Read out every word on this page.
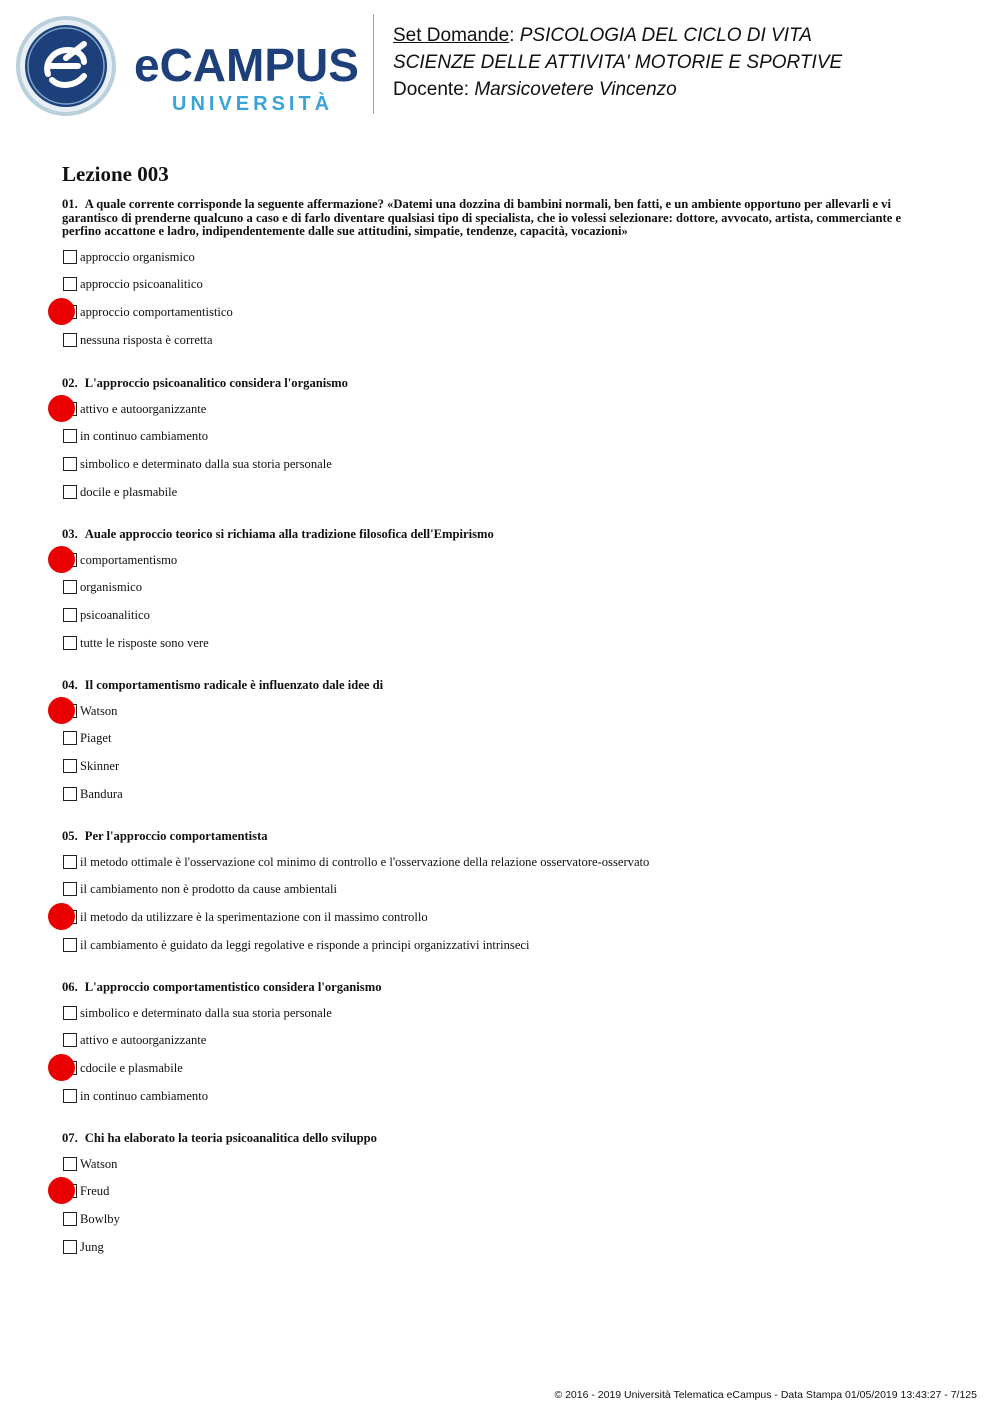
eCAMPUS
UNIVERSITÀ
Set Domande: PSICOLOGIA DEL CICLO DI VITA
SCIENZE DELLE ATTIVITA' MOTORIE E SPORTIVE
Docente: Marsicovetere Vincenzo
Lezione 003

01. A quale corrente corrisponde la seguente affermazione? «Datemi una dozzina di bambini normali, ben fatti, e un ambiente opportuno per allevarli e vi garantisco di prenderne qualcuno a caso e di farlo diventare qualsiasi tipo di specialista, che io volessi selezionare: dottore, avvocato, artista, commerciante e perfino accattone e ladro, indipendentemente dalle sue attitudini, simpatie, tendenze, capacità, vocazioni»

approccio organismico
approccio psicoanalitico
approccio comportamentistico
nessuna risposta è corretta

02. L'approccio psicoanalitico considera l'organismo

attivo e autoorganizzante
in continuo cambiamento
simbolico e determinato dalla sua storia personale
docile e plasmabile

03. Auale approccio teorico si richiama alla tradizione filosofica dell'Empirismo

comportamentismo
organismico
psicoanalitico
tutte le risposte sono vere

04. Il comportamentismo radicale è influenzato dale idee di

Watson
Piaget
Skinner
Bandura

05. Per l'approccio comportamentista

il metodo ottimale è l'osservazione col minimo di controllo e l'osservazione della relazione osservatore-osservato
il cambiamento non è prodotto da cause ambientali
il metodo da utilizzare è la sperimentazione con il massimo controllo
il cambiamento è guidato da leggi regolative e risponde a principi organizzativi intrinseci

06. L'approccio comportamentistico considera l'organismo

simbolico e determinato dalla sua storia personale
attivo e autoorganizzante
cdocile e plasmabile
in continuo cambiamento

07. Chi ha elaborato la teoria psicoanalitica dello sviluppo

Watson
Freud
Bowlby
Jung
© 2016 - 2019 Università Telematica eCampus - Data Stampa 01/05/2019 13:43:27 - 7/125
